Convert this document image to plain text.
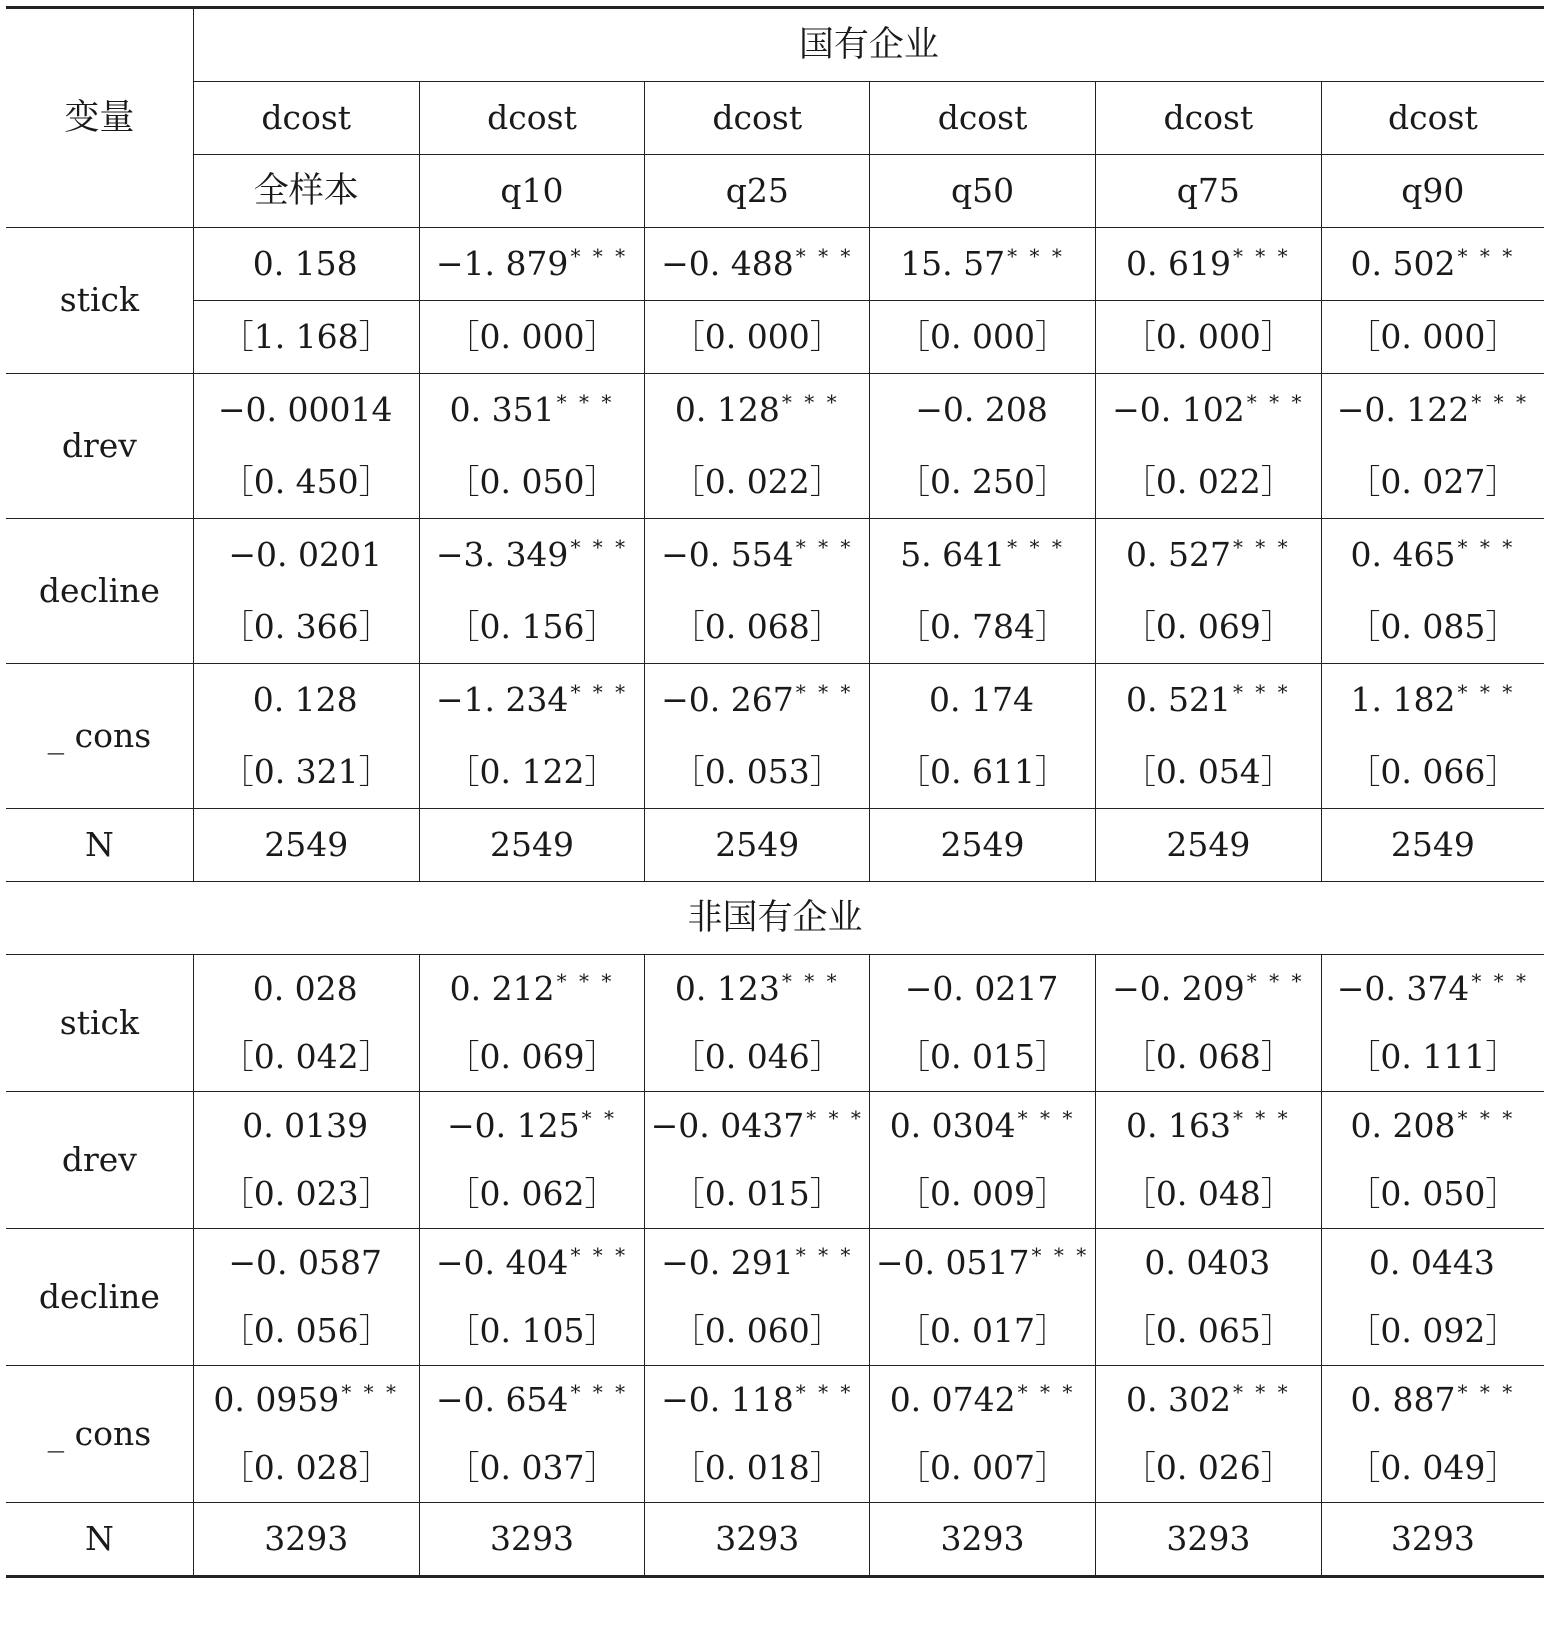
变量	国有企业					
	dcost	dcost	dcost	dcost	dcost	dcost
	全样本	q10	q25	q50	q75	q90
stick	0. 158	−1. 879 * * *	−0. 488 * * *	15. 57 * * *	0. 619 * * *	0. 502 * * *
	［1. 168］	［0. 000］	［0. 000］	［0. 000］	［0. 000］	［0. 000］
drev	−0. 00014	0. 351 * * *	0. 128 * * *	−0. 208	−0. 102 * * *	−0. 122 * * *
	［0. 450］	［0. 050］	［0. 022］	［0. 250］	［0. 022］	［0. 027］
decline	−0. 0201	−3. 349 * * *	−0. 554 * * *	5. 641 * * *	0. 527 * * *	0. 465 * * *
	［0. 366］	［0. 156］	［0. 068］	［0. 784］	［0. 069］	［0. 085］
_ cons	0. 128	−1. 234 * * *	−0. 267 * * *	0. 174	0. 521 * * *	1. 182 * * *
	［0. 321］	［0. 122］	［0. 053］	［0. 611］	［0. 054］	［0. 066］
N	2549	2549	2549	2549	2549	2549
非国有企业						
stick	0. 028	0. 212 * * *	0. 123 * * *	−0. 0217	−0. 209 * * *	−0. 374 * * *
	［0. 042］	［0. 069］	［0. 046］	［0. 015］	［0. 068］	［0. 111］
drev	0. 0139	−0. 125 * *	−0. 0437 * * *	0. 0304 * * *	0. 163 * * *	0. 208 * * *
	［0. 023］	［0. 062］	［0. 015］	［0. 009］	［0. 048］	［0. 050］
decline	−0. 0587	−0. 404 * * *	−0. 291 * * *	−0. 0517 * * *	0. 0403	0. 0443
	［0. 056］	［0. 105］	［0. 060］	［0. 017］	［0. 065］	［0. 092］
_ cons	0. 0959 * * *	−0. 654 * * *	−0. 118 * * *	0. 0742 * * *	0. 302 * * *	0. 887 * * *
	［0. 028］	［0. 037］	［0. 018］	［0. 007］	［0. 026］	［0. 049］
N	3293	3293	3293	3293	3293	3293
